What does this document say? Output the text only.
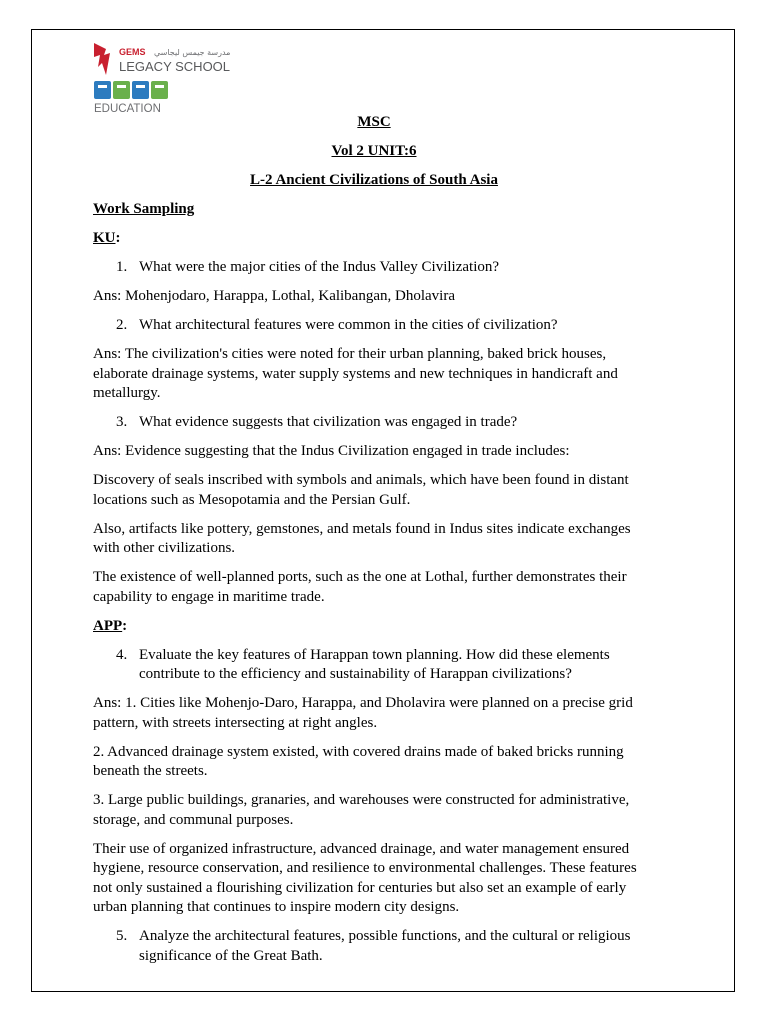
GEMS مدرسة جيمس ليجاسي
LEGACY SCHOOL
GEMS
EDUCATION

MSC

Vol 2 UNIT:6

L-2 Ancient Civilizations of South Asia

Work Sampling

KU:

1. What were the major cities of the Indus Valley Civilization?

Ans: Mohenjodaro, Harappa, Lothal, Kalibangan, Dholavira

2. What architectural features were common in the cities of civilization?

Ans: The civilization's cities were noted for their urban planning, baked brick houses, elaborate drainage systems, water supply systems and new techniques in handicraft and metallurgy.

3. What evidence suggests that civilization was engaged in trade?

Ans: Evidence suggesting that the Indus Civilization engaged in trade includes:

Discovery of seals inscribed with symbols and animals, which have been found in distant locations such as Mesopotamia and the Persian Gulf.

Also, artifacts like pottery, gemstones, and metals found in Indus sites indicate exchanges with other civilizations.

The existence of well-planned ports, such as the one at Lothal, further demonstrates their capability to engage in maritime trade.

APP:

4. Evaluate the key features of Harappan town planning. How did these elements contribute to the efficiency and sustainability of Harappan civilizations?

Ans: 1. Cities like Mohenjo-Daro, Harappa, and Dholavira were planned on a precise grid pattern, with streets intersecting at right angles.

2. Advanced drainage system existed, with covered drains made of baked bricks running beneath the streets.

3. Large public buildings, granaries, and warehouses were constructed for administrative, storage, and communal purposes.

Their use of organized infrastructure, advanced drainage, and water management ensured hygiene, resource conservation, and resilience to environmental challenges. These features not only sustained a flourishing civilization for centuries but also set an example of early urban planning that continues to inspire modern city designs.

5. Analyze the architectural features, possible functions, and the cultural or religious significance of the Great Bath.
